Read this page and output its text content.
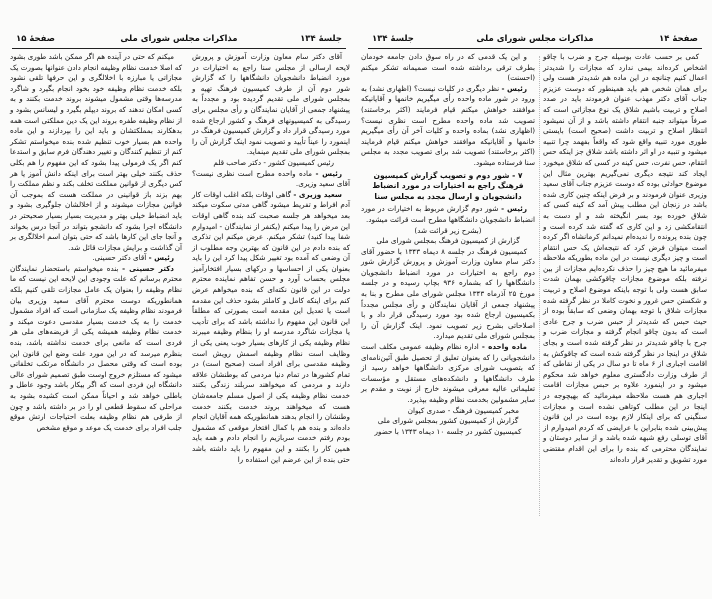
صفحهٔ ۱۵	مذاکرات مجلس شورای ملی	جلسهٔ ۱۳۴

آقای دکتر سام معاون وزارت آموزش و پرورش لایحه ارسالی از مجلس سنا راجع به اختیارات در مورد انضباط دانشجویان دانشگاهها را که گزارش شور دوم آن از طرف کمیسیون فرهنگ تهیه و بمجلس شورای ملی تقدیم گردیده بود و مجدداً به پیشنهاد جمعی از آقایان نمایندگان و رأی مجلس برای رسیدگی به کمیسیونهای فرهنگ و کشور ارجاع شده مورد رسیدگی قرار داد و گزارش کمیسیون فرهنگ در اینمورد را عیناً تأیید و تصویب نمود اینک گزارش آن را بمجلس شورای ملی تقدیم مینماید.

رئیس کمیسیون کشور - دکتر صاحب قلم

رئیس - ماده واحده مطرح است نظری نیست؟ آقای سعید وزیری.

سعید وزیری - گاهی اوقات بلکه اغلب اوقات کار آدم افراط و تفریط میشود گاهی مدتی سکوت میکند بعد میخواهد هر جلسه صحبت کند بنده گاهی اوقات این مرض را پیدا میکنم (یکنفر از نمایندگان - امیدوارم شفا پیدا کنید) تشکر میکنم. عرض میکنم این تذکری که بنده دادم در این قانون که بهترین وجه مطلوب از آن وضعی که آمده بود تغییر شکل پیدا کرد این را باید بعنوان یکی از احساسها و درکهای بسیار افتخارآمیز مجلس بحساب آورد و حسن تفاهم نماینده محترم دولت در این قانون نکته‌ای که بنده میخواهم عرض کنم برای اینکه کامل و کاملتر بشود حذف این مقدمه است یا تعدیل این مقدمه است بصورتی که مطلقاً این قانون این مفهوم را نداشته باشد که برای تأدیب یا مجازات شاگرد مدرسه او را بنظام وظیفه میبرند نظام وظیفه یکی از کارهای بسیار خوب یعنی یکی از وظایف است نظام وظیفه اسمش رویش است وظیفه مقدسی برای افراد است (صحیح است) در تمام کشورها در تمام دنیا مردمی که بوطنشان علاقه دارند و مردمی که میخواهند سربلند زندگی بکنند خدمت نظام وظیفه یکی از اصول مسلم جامعه‌شان هست که میخواهند بروند خدمت بکنند خدمت وطنشان را انجام بدهند همانطوریکه همه آقایان انجام داده‌اند و بنده هم با کمال افتخار موقعی که مشمول بودم رفتم خدمت سربازیم را انجام دادم و همه باید همین کار را بکنند و این مفهوم را باید داشته باشد حتی بنده از این عرضم این استفاده را

میکنم که حتی در آینده هم اگر ممکن باشد طوری بشود که اصلا خدمت نظام وظیفه انجام دادن عنوانها بصورت یک مجازاتی یا مبارزه با اخلالگری و این حرفها تلقی نشود بلکه خدمت نظام وظیفه خود بخود انجام بگیرد و شاگرد مدرسه‌ها وقتی مشمول میشوند بروند خدمت بکنند و به کسی امکان ندهند که بروند دیپلم بگیرد و لیسانس بشود و از نظام وظیفه طفره بروند این یک دین مملکتی است همه بدهکارند بمملکتشان و باید این را بپردازند و این ماده واحده هم بسیار خوب تنظیم شده بنده میخواستم تشکر کنم از تنظیم کنندگان و تغییر دهندگان فرم سابق و استدعا کنم اگر یک فرمولی پیدا بشود که این مفهوم را هم بکلی حذف بکنند خیلی بهتر است برای اینکه دانش آموز یا هر کس دیگری از قوانین مملکت تخلف بکند و نظم مملکت را بهم بزند باز قوانینی در مملکت هست که بموجب آن قوانین مجازات میشوند و از اخلالشان جلوگیری بشود و باید انضباط خیلی بهتر و مدیریت بسیار بسیار صحیحتر در دانشگاه اجرا بشود که دانشجو بتواند در آنجا درس بخواند و آنجا جای این کارها باشد که حتی بتوان اسم اخلالگری بر آن گذاشت و برایش مجازات قائل شد.

رئیس - آقای دکتر حسینی.

دکتر حسینی - بنده میخواستم باستحضار نمایندگان محترم برسانم که علت وجودی این لایحه این نیست که ما نظام وظیفه را بعنوان یک عامل مجازات تلقی کنیم بلکه همانطوریکه دوست محترم آقای سعید وزیری بیان فرمودند نظام وظیفه یک سازمانی است که افراد مشمول خدمت را به یک خدمت بسیار مقدسی دعوت میکند و خدمت نظام وظیفه همیشه یکی از فریضه‌های ملی هر فردی است که مانعی برای خدمت نداشته باشد، بنده بنظرم میرسد که در این مورد علت وضع این قانون این بوده است که وقتی محصل در دانشگاه مرتکب تخلفاتی میشود که مستلزم خروج اوست طبق تصمیم شورای عالی دانشگاه این فردی است که اگر بیکار باشد وجود عاطل و باطلی خواهد شد و احیاناً ممکن است کشیده بشود به مراحلی که سقوط قطعی او را در بر داشته باشد و چون از طرفی هم نظام وظیفه بعلت احتیاجات ارتش موقع جلب افراد برای خدمت یک موعد و موقع مشخص

جلسهٔ ۱۳۴	مذاکرات مجلس شورای ملی	صفحهٔ ۱۴

کمی بر حسب عادت بوسیله جرح و ضرب با چاقو اشخاص کرده‌اند بیمی ندارد که مجازات را شدیدتر اعمال کنیم چنانچه در این ماده هم شدیدتر هست ولی برای همان شخص هم باید همینطور که دوست عزیزم جناب آقای دکتر مهذب عنوان فرمودند باید در صدد اصلاح و تربیت باشیم شلاق یک نوع مجازاتی است که صرفاً میتواند جنبه انتقام داشته باشد و از آن نمیشود انتظار اصلاح و تربیت داشت (صحیح است) بایستی طوری مورد تنبیه واقع شود که واقعاً بفهمد چرا تنبیه میشود و تنبیه در او اثر داشته باشد شلاق جز اینکه حس انتقام، حس نفرت، حس کینه در کسی که شلاق میخورد ایجاد کند نتیجه دیگری نمی‌گیریم بهترین مثال این موضوع حوادثی بوده که دوست عزیزم جناب آقای سعید وزیری عنوان فرمودند و بر فرض اینکه چنین کاری شده باشد در زنجان این مطلب پیش آمد که کینه کسی که شلاق خورده بود بسر انگیخته شد و او دست به انتقامکشی زد و این کاری که گفته شد کرده است و چون بنده پرونده را ندیده‌ام نمیدانم کرمانشاه اگر کرده است میتوان فرض کرد که نتیجه‌اش یک حس انتقام است و چیز دیگری نیست در این ماده بطوریکه ملاحظه میفرمائید ما هیچ چیز را حذف نکرده‌ایم مجازات از بین نرفته بلکه موضوع مجازات چاقوکشی بهمان شدت سابق هست ولی با توجه باینکه موضوع اصلاح و تربیت و شکستن حس غرور و نخوت کاملا در نظر گرفته شده مجازات شلاق با توجه بهمان وضعی که سابقاً بوده از حیث حبس که شدیدتر از حبس ضرب و جرح عادی است که بدون چاقو انجام گرفته و مجازات ضرب و جرح با چاقو شدیدتر در نظر گرفته شده است و بجای شلاق در اینجا در نظر گرفته شده است که چاقوکش به اقامت اجباری از ۶ ماه تا دو سال در یکی از نقاطی که از طرف وزارت دادگستری معلوم خواهد شد محکوم میشود و در اینمورد علاوه بر حبس مجازات اقامت اجباری هم هست ملاحظه میفرمائید که بهیچوجه در اینجا در این مطلب کوتاهی نشده است و مجازات سنگینی که برای اینکار لازم بوده است در این قانون پیش‌بینی شده بنابراین با عرایضی که کردم امیدوارم از آقای توسلی رفع شبهه شده باشد و از سایر دوستان و نمایندگان محترمی که بنده را برای این اقدام مقتضی مورد تشویق و تقدیر قرار داده‌اند

و این یک قدمی که در راه سوق دادن جامعه خودمان بطرف ترقی برداشته شده است صمیمانه تشکر میکنم (احسنت)

رئیس - نظر دیگری در کلیات نیست؟ (اظهاری نشد) به ورود در شور ماده واحده رأی میگیریم خانمها و آقایانیکه موافقند خواهش میکنم قیام فرمایند (اکثر برخاستند) تصویب شد ماده واحده مطرح است نظری نیست؟ (اظهاری نشد) بماده واحده و کلیات آخر آن رأی میگیریم خانمها و آقایانیکه موافقند خواهش میکنم قیام فرمایند (اکثر برخاستند) تصویب شد برای تصویب مجدد به مجلس سنا فرستاده میشود.

۷ - شور دوم و تصویب گزارش کمیسیون فرهنگ راجع به اختیارات در مورد انضباط دانشجویان و ارسال مجدد به مجلس سنا

رئیس - شور دوم گزارش مربوط به اختیارات در مورد انضباط دانشجویان دانشگاهها مطرح است قرائت میشود.

(بشرح زیر قرائت شد)

گزارش از کمیسیون فرهنگ بمجلس شورای ملی

کمیسیون فرهنگ در جلسه ۸ دیماه ۱۳۴۳ با حضور آقای دکتر سام معاون وزارت آموزش و پرورش گزارش شور دوم راجع به اختیارات در مورد انضباط دانشجویان دانشگاهها را که بشماره ۹۳۶ بچاپ رسیده و در جلسه مورخ ۲۵ آذرماه ۱۳۴۳ مجلس شورای ملی مطرح و بنا به پیشنهاد جمعی از آقایان نمایندگان و رأی مجلس مجدداً بکمیسیون ارجاع شده بود مورد رسیدگی قرار داد و با اصلاحاتی بشرح زیر تصویب نمود. اینک گزارش آن را بمجلس شورای ملی تقدیم میدارد.

ماده واحده - اداره نظام وظیفه عمومی مکلف است دانشجویانی را که بعنوان تعلیق از تحصیل طبق آئین‌نامه‌ای که بتصویب شورای مرکزی دانشگاهها خواهد رسید از طرف دانشگاهها و دانشکده‌های مستقل و مؤسسات تعلیماتی عالیه معرفی میشوند خارج از نوبت و مقدم بر سایر مشمولین بخدمت نظام وظیفه بپذیرد.

مخبر کمیسیون فرهنگ - صدری کیوان

گزارش از کمیسیون کشور بمجلس شورای ملی

کمیسیون کشور در جلسه ۱۰ دیماه ۱۳۴۳ با حضور
